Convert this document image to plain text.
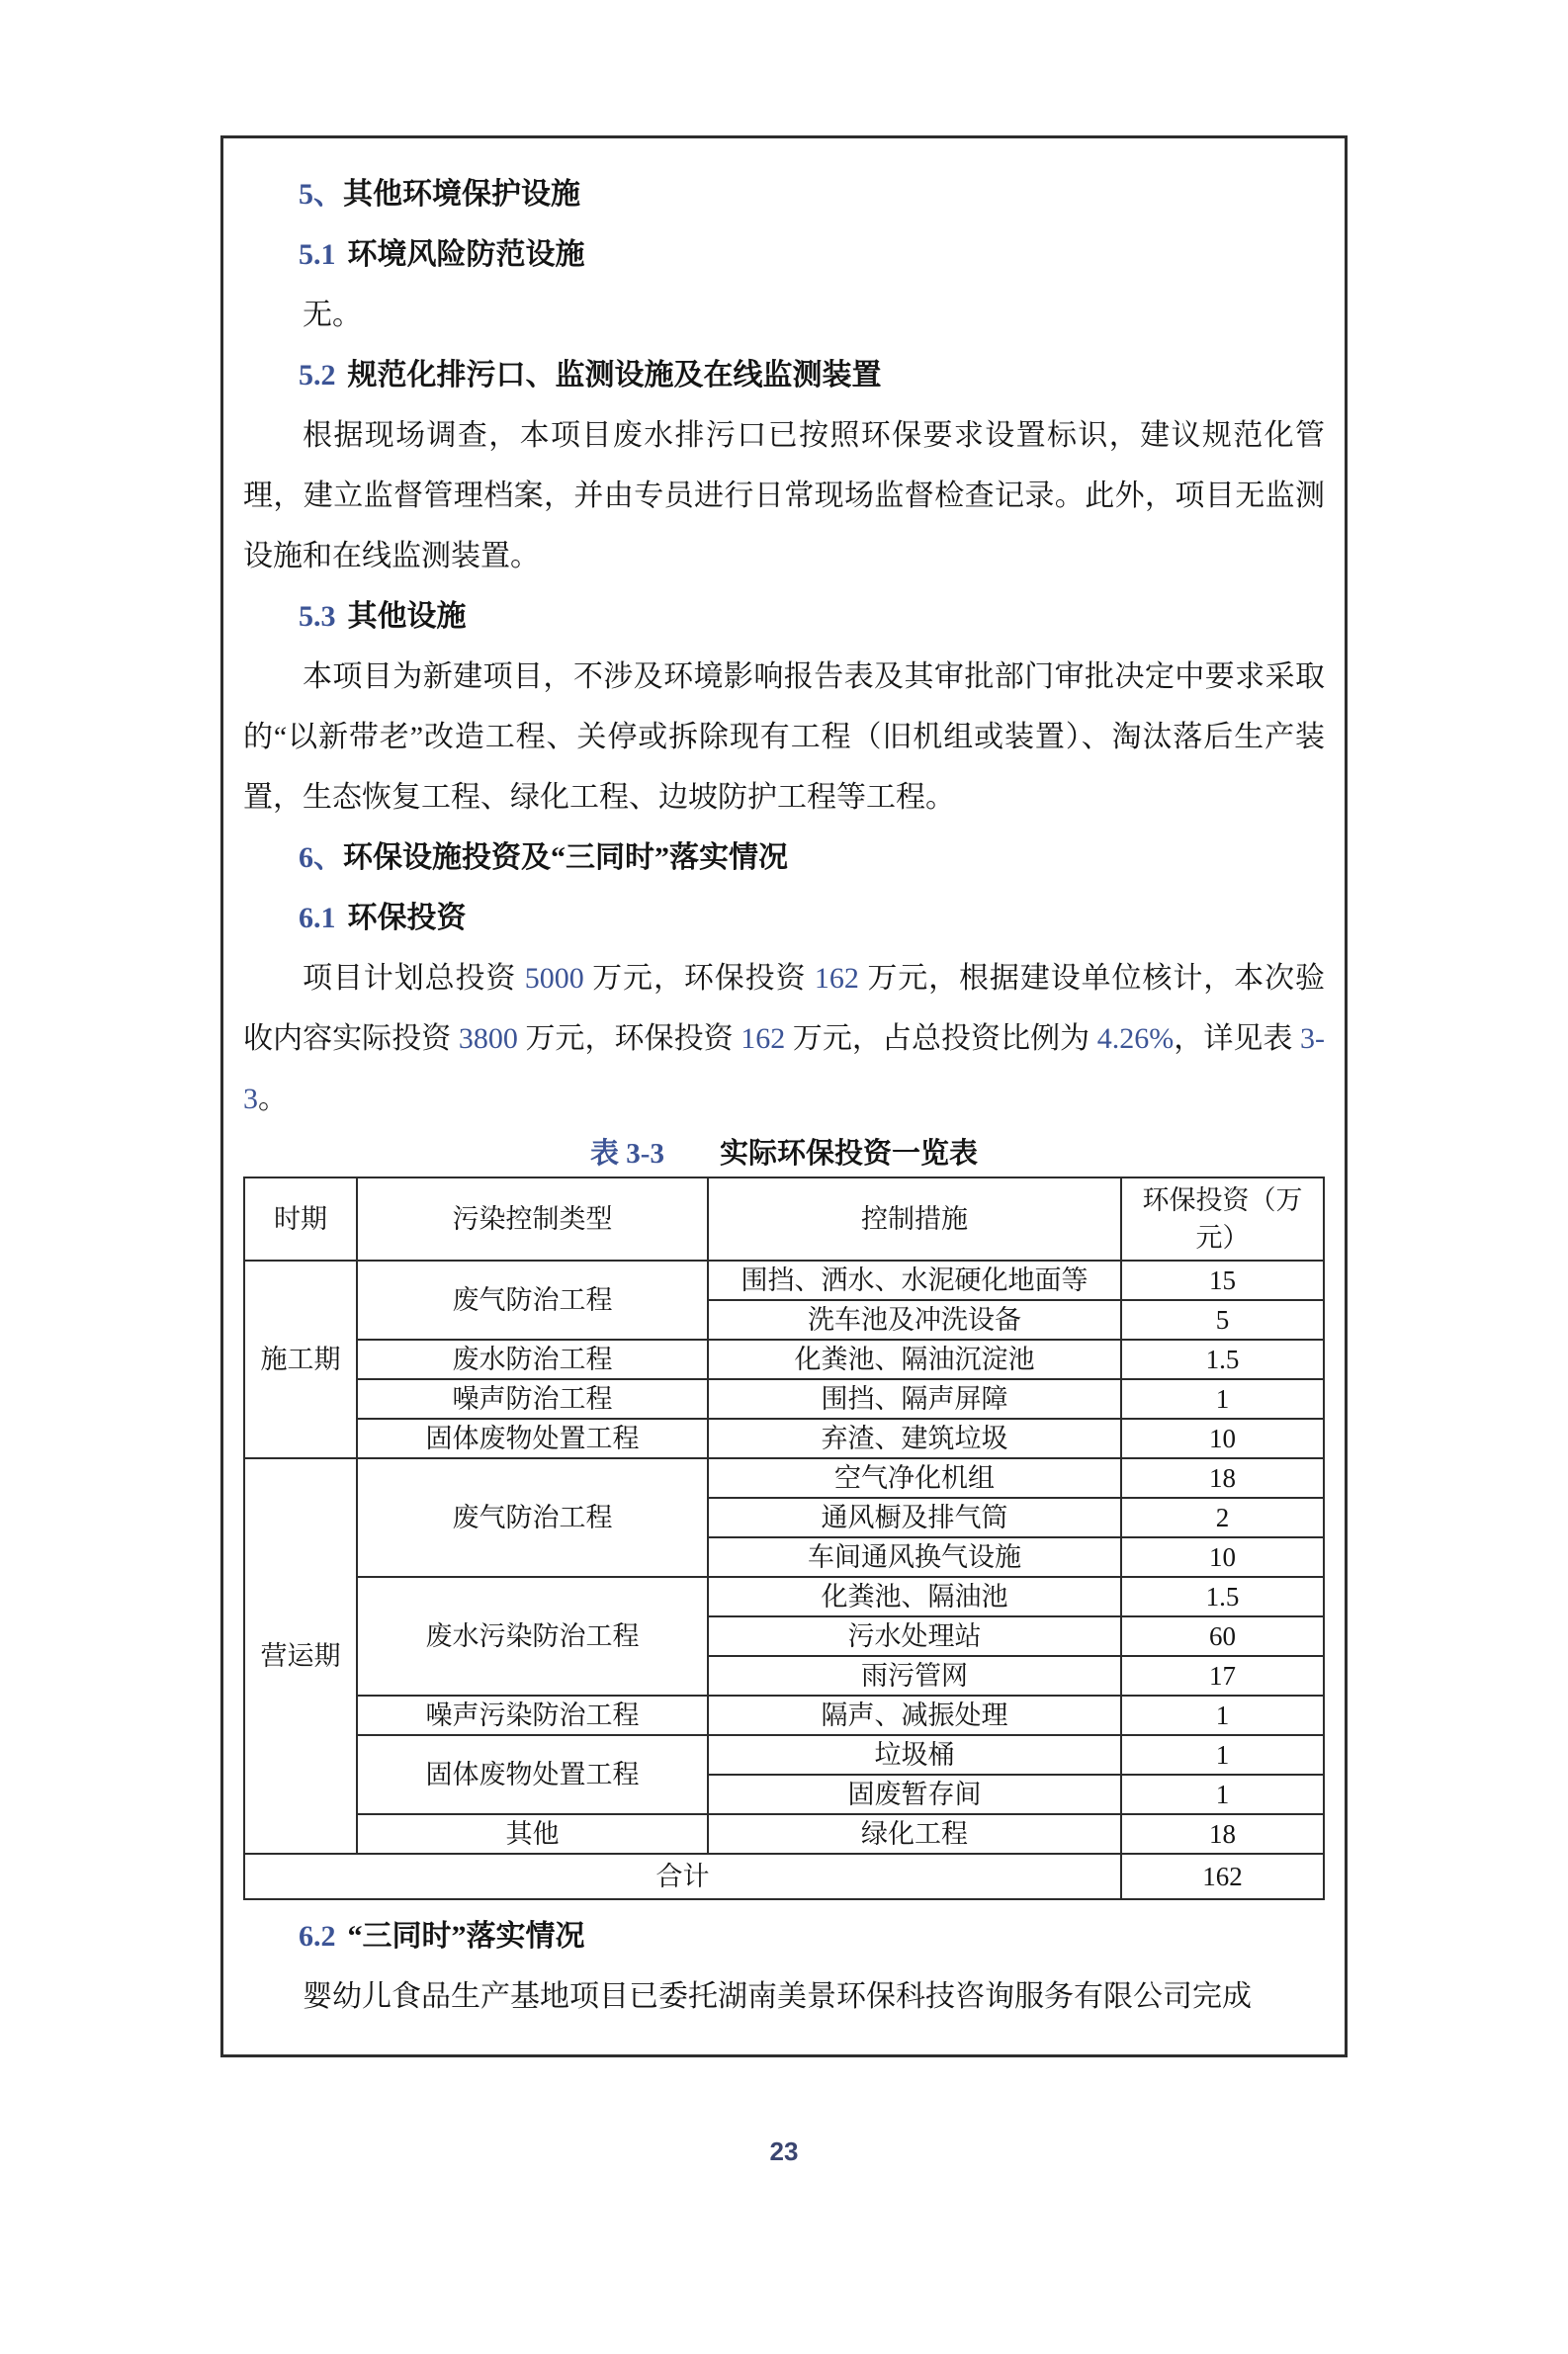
5、其他环境保护设施
5.1 环境风险防范设施

无。

5.2 规范化排污口、监测设施及在线监测装置

根据现场调查，本项目废水排污口已按照环保要求设置标识，建议规范化管理，建立监督管理档案，并由专员进行日常现场监督检查记录。此外，项目无监测设施和在线监测装置。

5.3 其他设施

本项目为新建项目，不涉及环境影响报告表及其审批部门审批决定中要求采取的“以新带老”改造工程、关停或拆除现有工程（旧机组或装置）、淘汰落后生产装置，生态恢复工程、绿化工程、边坡防护工程等工程。

6、环保设施投资及“三同时”落实情况
6.1 环保投资

项目计划总投资 5000 万元，环保投资 162 万元，根据建设单位核计，本次验收内容实际投资 3800 万元，环保投资 162 万元，占总投资比例为 4.26%，详见表 3-3。

表 3-3 实际环保投资一览表
时期	污染控制类型	控制措施	环保投资（万元）
施工期	废气防治工程	围挡、洒水、水泥硬化地面等	15
		洗车池及冲洗设备	5
	废水防治工程	化粪池、隔油沉淀池	1.5
	噪声防治工程	围挡、隔声屏障	1
	固体废物处置工程	弃渣、建筑垃圾	10
营运期	废气防治工程	空气净化机组	18
		通风橱及排气筒	2
		车间通风换气设施	10
	废水污染防治工程	化粪池、隔油池	1.5
		污水处理站	60
		雨污管网	17
	噪声污染防治工程	隔声、减振处理	1
	固体废物处置工程	垃圾桶	1
		固废暂存间	1
	其他	绿化工程	18
合计			162
6.2 “三同时”落实情况

婴幼儿食品生产基地项目已委托湖南美景环保科技咨询服务有限公司完成

23
